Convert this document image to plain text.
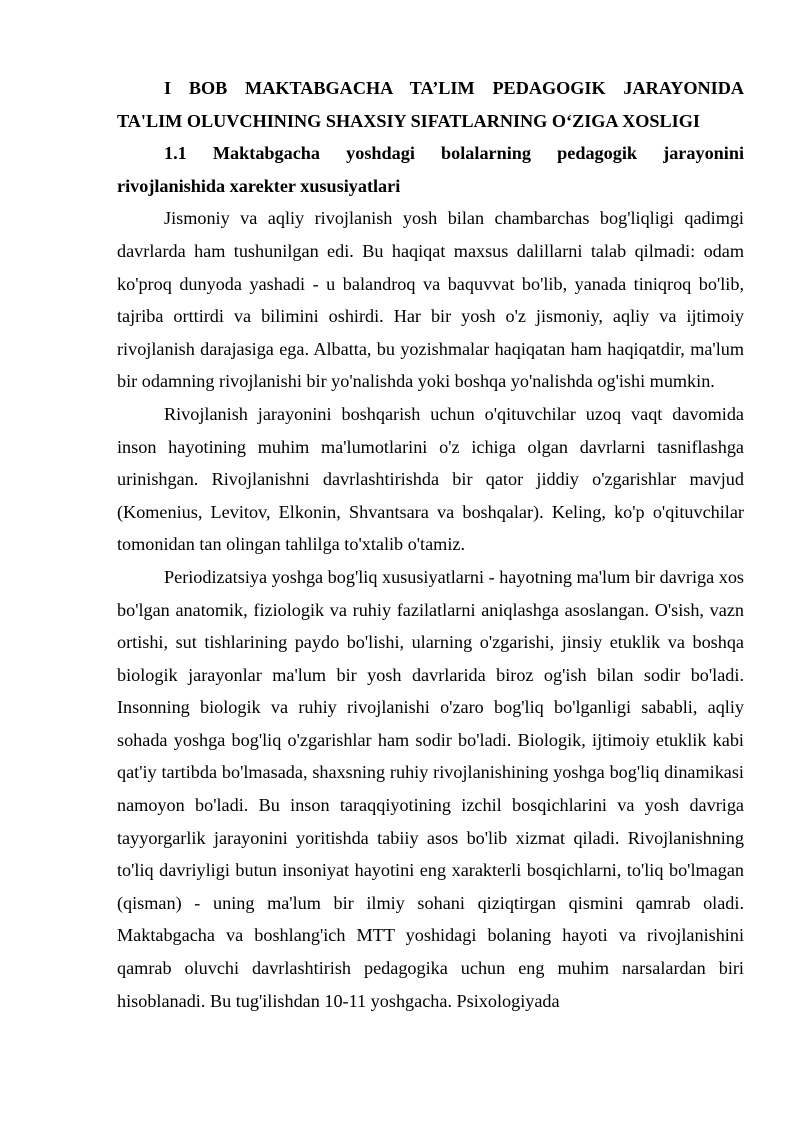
I BOB MAKTABGACHA TA’LIM PEDAGOGIK JARAYONIDA TA'LIM OLUVCHINING SHAXSIY SIFATLARNING O‘ZIGA XOSLIGI

1.1 Maktabgacha yoshdagi bolalarning pedagogik jarayonini rivojlanishida xarekter xususiyatlari

Jismoniy va aqliy rivojlanish yosh bilan chambarchas bog'liqligi qadimgi davrlarda ham tushunilgan edi. Bu haqiqat maxsus dalillarni talab qilmadi: odam ko'proq dunyoda yashadi - u balandroq va baquvvat bo'lib, yanada tiniqroq bo'lib, tajriba orttirdi va bilimini oshirdi. Har bir yosh o'z jismoniy, aqliy va ijtimoiy rivojlanish darajasiga ega. Albatta, bu yozishmalar haqiqatan ham haqiqatdir, ma'lum bir odamning rivojlanishi bir yo'nalishda yoki boshqa yo'nalishda og'ishi mumkin.

Rivojlanish jarayonini boshqarish uchun o'qituvchilar uzoq vaqt davomida inson hayotining muhim ma'lumotlarini o'z ichiga olgan davrlarni tasniflashga urinishgan. Rivojlanishni davrlashtirishda bir qator jiddiy o'zgarishlar mavjud (Komenius, Levitov, Elkonin, Shvantsara va boshqalar). Keling, ko'p o'qituvchilar tomonidan tan olingan tahlilga to'xtalib o'tamiz.

Periodizatsiya yoshga bog'liq xususiyatlarni - hayotning ma'lum bir davriga xos bo'lgan anatomik, fiziologik va ruhiy fazilatlarni aniqlashga asoslangan. O'sish, vazn ortishi, sut tishlarining paydo bo'lishi, ularning o'zgarishi, jinsiy etuklik va boshqa biologik jarayonlar ma'lum bir yosh davrlarida biroz og'ish bilan sodir bo'ladi. Insonning biologik va ruhiy rivojlanishi o'zaro bog'liq bo'lganligi sababli, aqliy sohada yoshga bog'liq o'zgarishlar ham sodir bo'ladi. Biologik, ijtimoiy etuklik kabi qat'iy tartibda bo'lmasada, shaxsning ruhiy rivojlanishining yoshga bog'liq dinamikasi namoyon bo'ladi. Bu inson taraqqiyotining izchil bosqichlarini va yosh davriga tayyorgarlik jarayonini yoritishda tabiiy asos bo'lib xizmat qiladi. Rivojlanishning to'liq davriyligi butun insoniyat hayotini eng xarakterli bosqichlarni, to'liq bo'lmagan (qisman) - uning ma'lum bir ilmiy sohani qiziqtirgan qismini qamrab oladi. Maktabgacha va boshlang'ich MTT yoshidagi bolaning hayoti va rivojlanishini qamrab oluvchi davrlashtirish pedagogika uchun eng muhim narsalardan biri hisoblanadi. Bu tug'ilishdan 10-11 yoshgacha. Psixologiyada
